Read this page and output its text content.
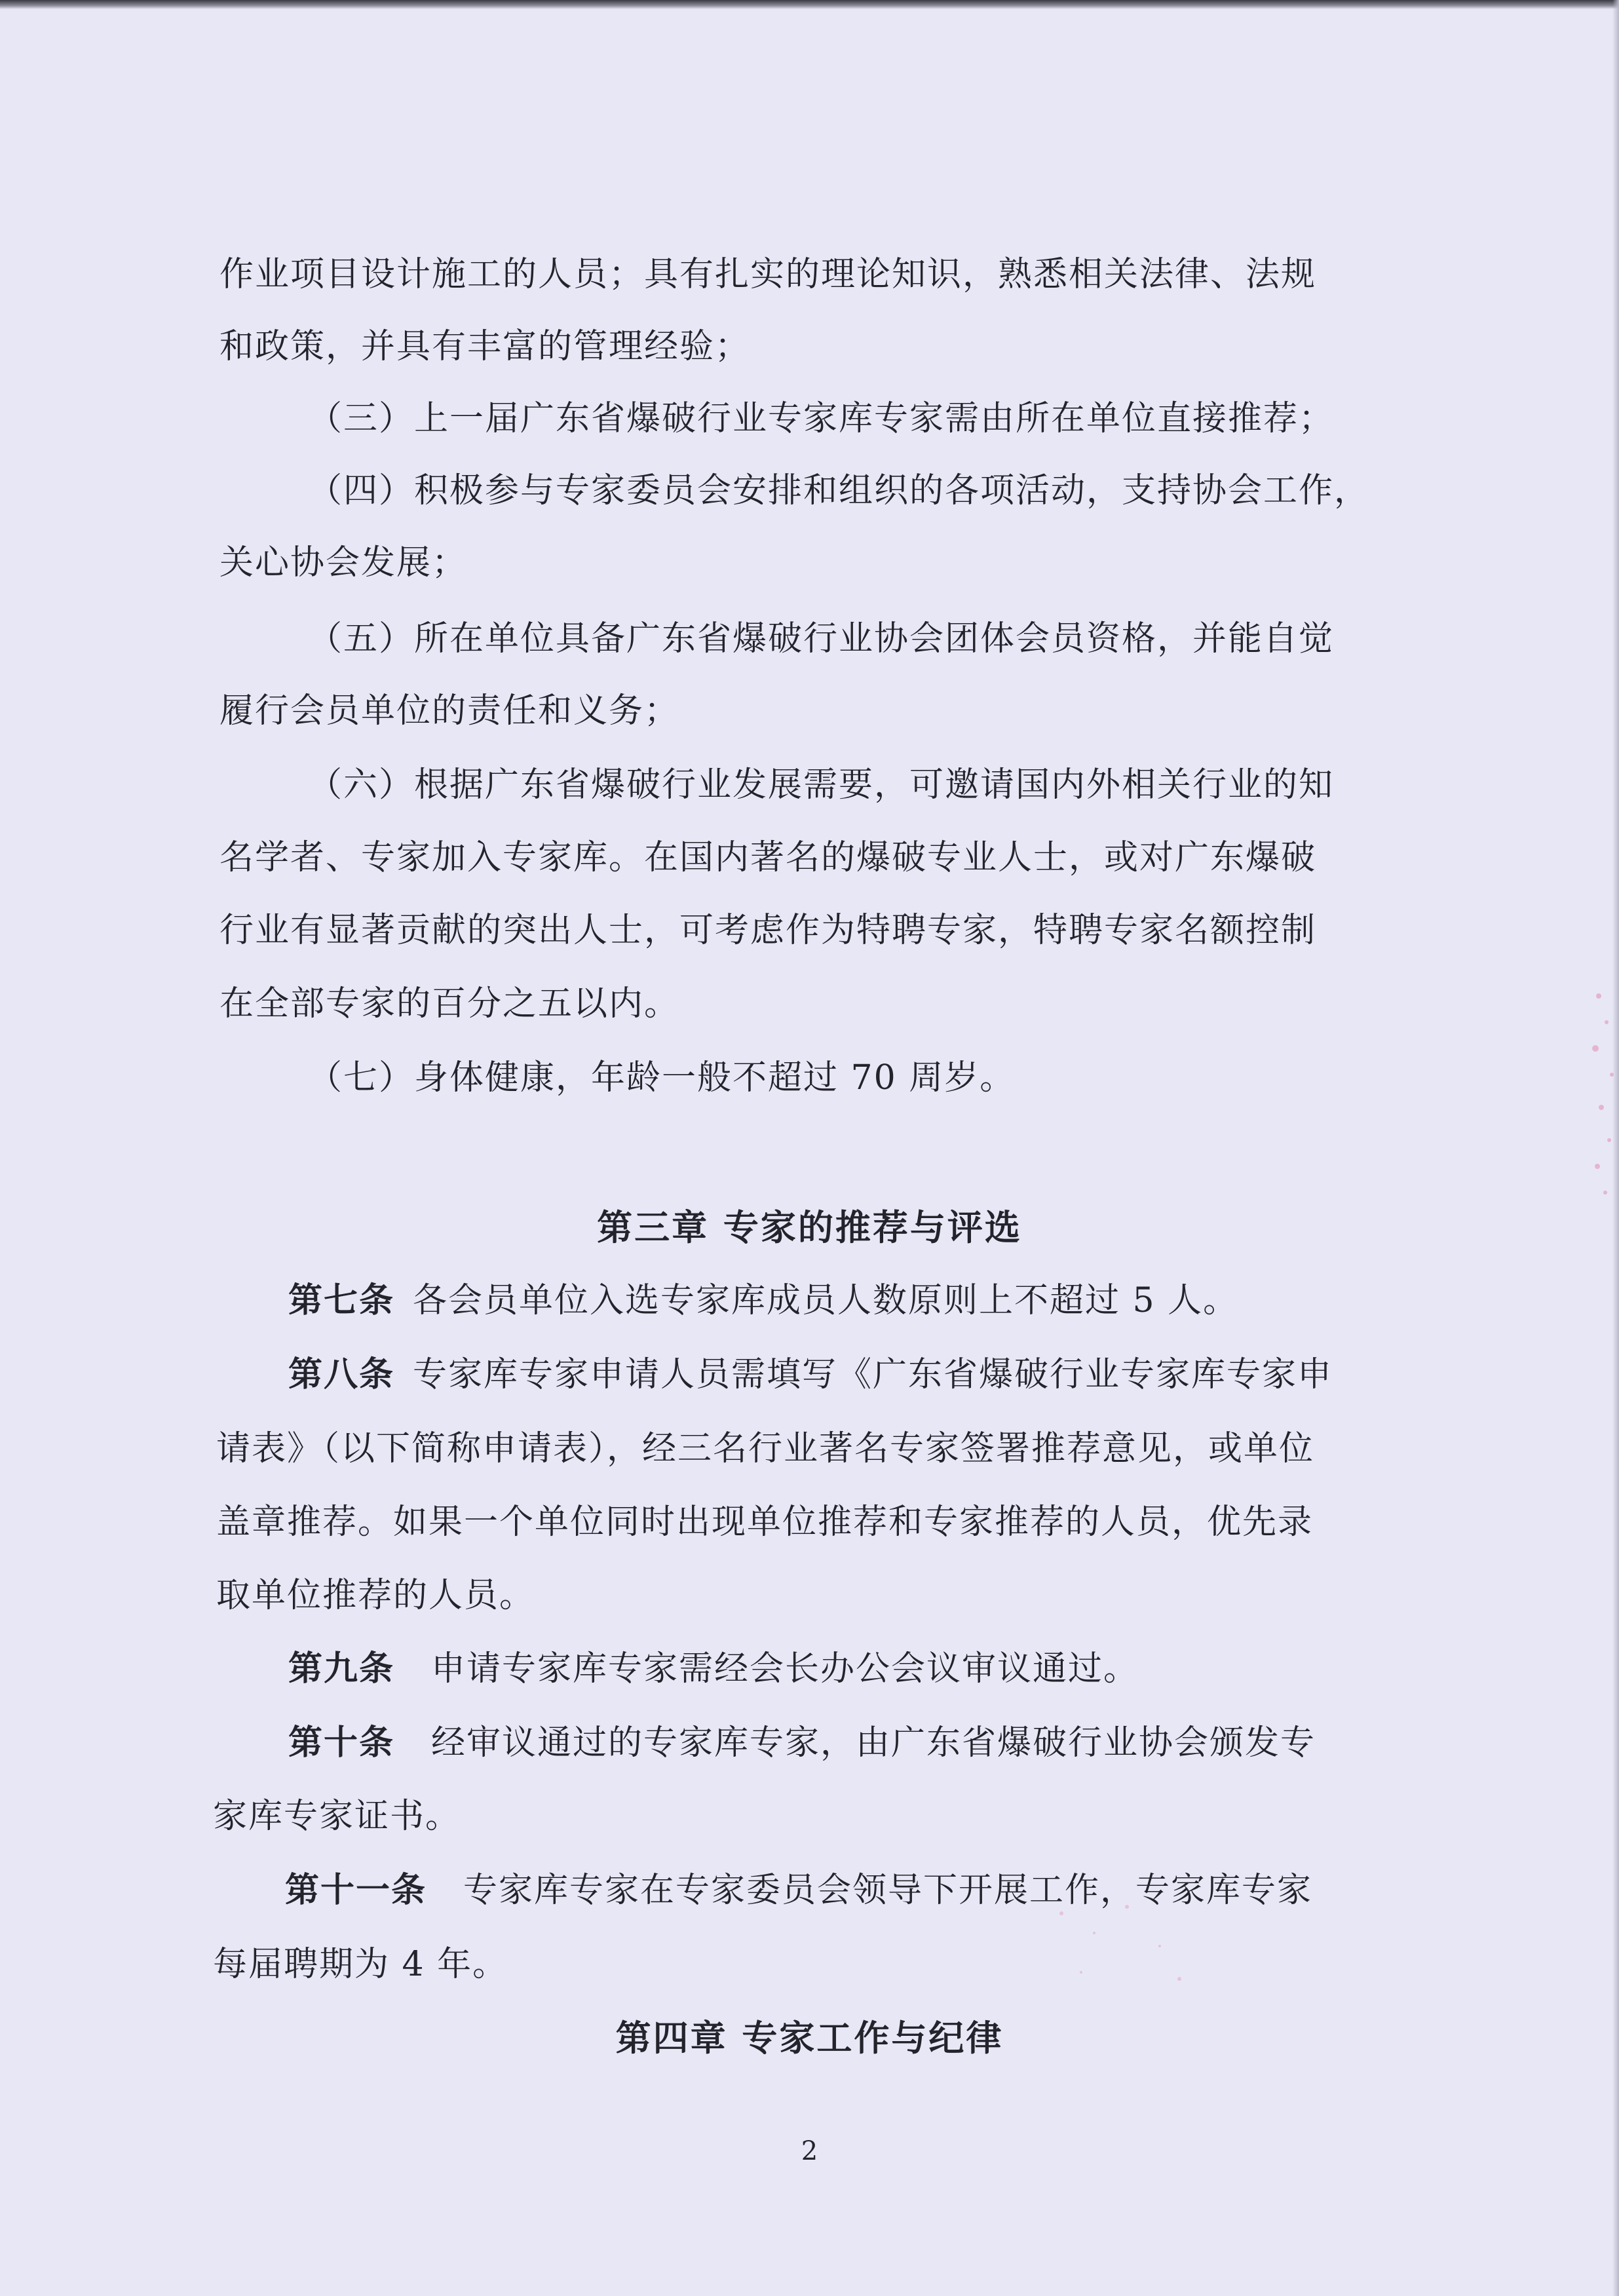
作业项目设计施工的人员；具有扎实的理论知识，熟悉相关法律、法规
和政策，并具有丰富的管理经验；
（三）上一届广东省爆破行业专家库专家需由所在单位直接推荐；
（四）积极参与专家委员会安排和组织的各项活动，支持协会工作，
关心协会发展；
（五）所在单位具备广东省爆破行业协会团体会员资格，并能自觉
履行会员单位的责任和义务；
（六）根据广东省爆破行业发展需要，可邀请国内外相关行业的知
名学者、专家加入专家库。在国内著名的爆破专业人士，或对广东爆破
行业有显著贡献的突出人士，可考虑作为特聘专家，特聘专家名额控制
在全部专家的百分之五以内。
（七）身体健康，年龄一般不超过 70 周岁。
第三章 专家的推荐与评选
第七条 各会员单位入选专家库成员人数原则上不超过 5 人。
第八条 专家库专家申请人员需填写《广东省爆破行业专家库专家申
请表》（以下简称申请表），经三名行业著名专家签署推荐意见，或单位
盖章推荐。如果一个单位同时出现单位推荐和专家推荐的人员，优先录
取单位推荐的人员。
第九条 申请专家库专家需经会长办公会议审议通过。
第十条 经审议通过的专家库专家，由广东省爆破行业协会颁发专
家库专家证书。
第十一条 专家库专家在专家委员会领导下开展工作，专家库专家
每届聘期为 4 年。
第四章 专家工作与纪律
2
